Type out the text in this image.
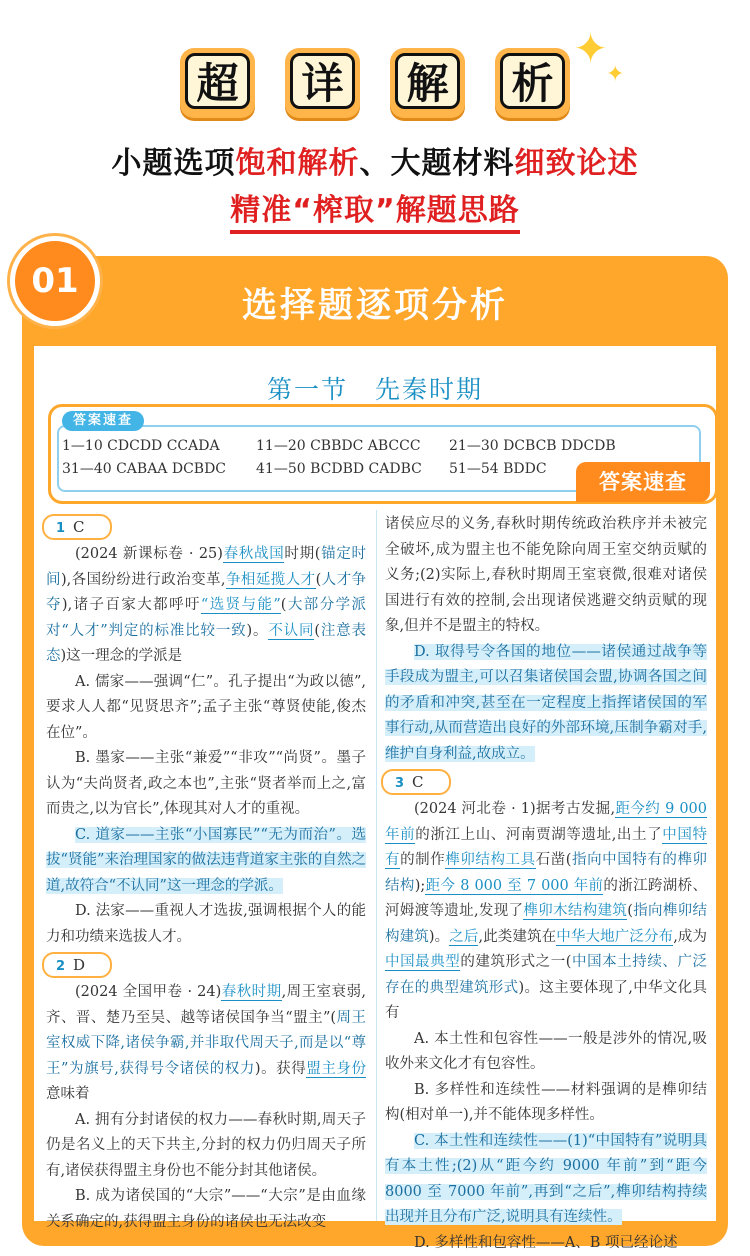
超 详 解 析
✦
✦
小题选项饱和解析、大题材料细致论述
精准“榨取”解题思路
01
选择题逐项分析
第一节　先秦时期
答案速查
1—10 CDCDD CCADA	11—20 CBBDC ABCCC 21—30 DCBCB DDCDB
31—40 CABAA DCBDC 41—50 BCDBD CADBC 51—54 BDDC
答案速查
1 C

(2024 新课标卷 · 25)春秋战国时期(锚定时间),各国纷纷进行政治变革,争相延揽人才(人才争夺),诸子百家大都呼吁“选贤与能”(大部分学派对“人才”判定的标准比较一致)。不认同(注意表态)这一理念的学派是

A. 儒家——强调“仁”。孔子提出“为政以德”,要求人人都“见贤思齐”;孟子主张“尊贤使能,俊杰在位”。

B. 墨家——主张“兼爱”“非攻”“尚贤”。墨子认为“夫尚贤者,政之本也”,主张“贤者举而上之,富而贵之,以为官长”,体现其对人才的重视。

C. 道家——主张“小国寡民”“无为而治”。选拔“贤能”来治理国家的做法违背道家主张的自然之道,故符合“不认同”这一理念的学派。

D. 法家——重视人才选拔,强调根据个人的能力和功绩来选拔人才。

2 D

(2024 全国甲卷 · 24)春秋时期,周王室衰弱,齐、晋、楚乃至吴、越等诸侯国争当“盟主”(周王室权威下降,诸侯争霸,并非取代周天子,而是以“尊王”为旗号,获得号令诸侯的权力)。获得盟主身份意味着

A. 拥有分封诸侯的权力——春秋时期,周天子仍是名义上的天下共主,分封的权力仍归周天子所有,诸侯获得盟主身份也不能分封其他诸侯。

B. 成为诸侯国的“大宗”——“大宗”是由血缘关系确定的,获得盟主身份的诸侯也无法改变

诸侯应尽的义务,春秋时期传统政治秩序并未被完全破坏,成为盟主也不能免除向周王室交纳贡赋的义务;(2)实际上,春秋时期周王室衰微,很难对诸侯国进行有效的控制,会出现诸侯逃避交纳贡赋的现象,但并不是盟主的特权。

D. 取得号令各国的地位——诸侯通过战争等手段成为盟主,可以召集诸侯国会盟,协调各国之间的矛盾和冲突,甚至在一定程度上指挥诸侯国的军事行动,从而营造出良好的外部环境,压制争霸对手,维护自身利益,故成立。

3 C

(2024 河北卷 · 1)据考古发掘,距今约 9 000 年前的浙江上山、河南贾湖等遗址,出土了中国特有的制作榫卯结构工具石凿(指向中国特有的榫卯结构);距今 8 000 至 7 000 年前的浙江跨湖桥、河姆渡等遗址,发现了榫卯木结构建筑(指向榫卯结构建筑)。之后,此类建筑在中华大地广泛分布,成为中国最典型的建筑形式之一(中国本土持续、广泛存在的典型建筑形式)。这主要体现了,中华文化具有

A. 本土性和包容性——一般是涉外的情况,吸收外来文化才有包容性。

B. 多样性和连续性——材料强调的是榫卯结构(相对单一),并不能体现多样性。

C. 本土性和连续性——(1)“中国特有”说明具有本土性;(2)从“距今约 9000 年前”到“距今 8000 至 7000 年前”,再到“之后”,榫卯结构持续出现并且分布广泛,说明具有连续性。

D. 多样性和包容性——A、B 项已经论述
